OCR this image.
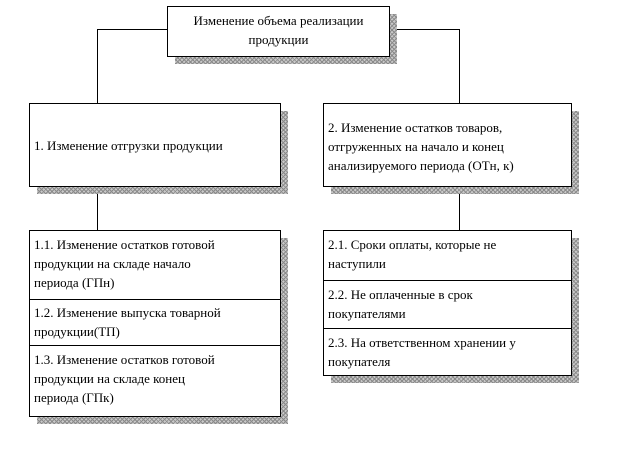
Изменение объема реализации
продукции
1. Изменение отгрузки продукции
2. Изменение остатков товаров,
отгруженных на начало и конец
анализируемого периода (ОТн, к)
1.1. Изменение остатков готовой
продукции на складе начало
периода (ГПн)
1.2. Изменение выпуска товарной
продукции(ТП)
1.3. Изменение остатков готовой
продукции на складе конец
периода (ГПк)
2.1. Сроки оплаты, которые не
наступили
2.2. Не оплаченные в срок
покупателями
2.3. На ответственном хранении у
покупателя
